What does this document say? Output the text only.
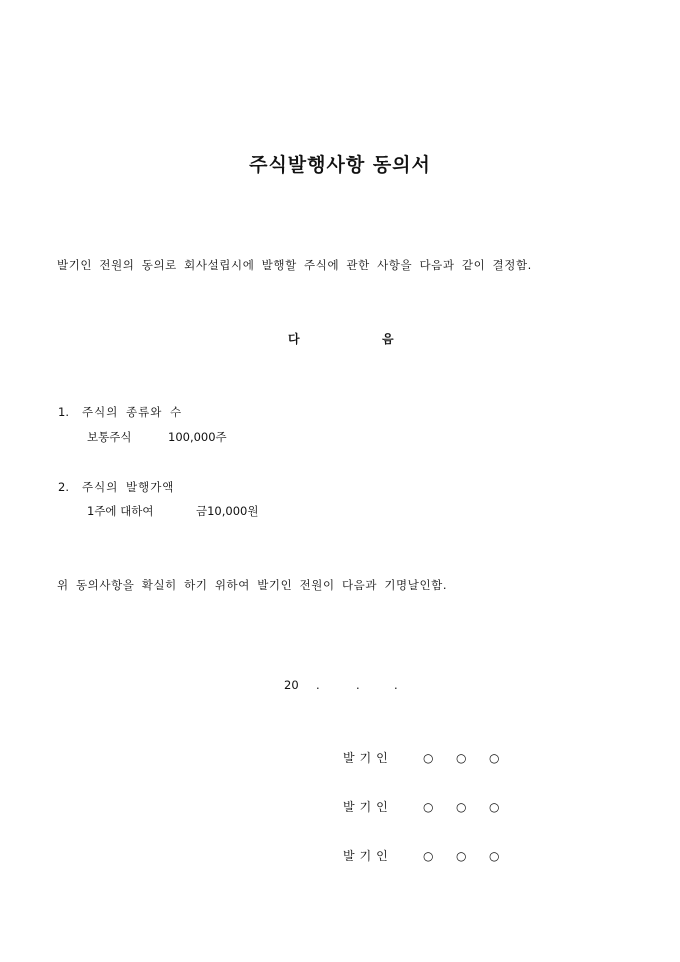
주식발행사항 동의서
발기인 전원의 동의로 회사설립시에 발행할 주식에 관한 사항을 다음과 같이 결정함.
다	음
1. 주식의 종류와 수
보통주식	100,000주
2. 주식의 발행가액
1주에 대하여	금10,000원
위 동의사항을 확실히 하기 위하여 발기인 전원이 다음과 기명날인함.
20 .	.	.
발기인	○ ○ ○
발기인	○ ○ ○
발기인	○ ○ ○
